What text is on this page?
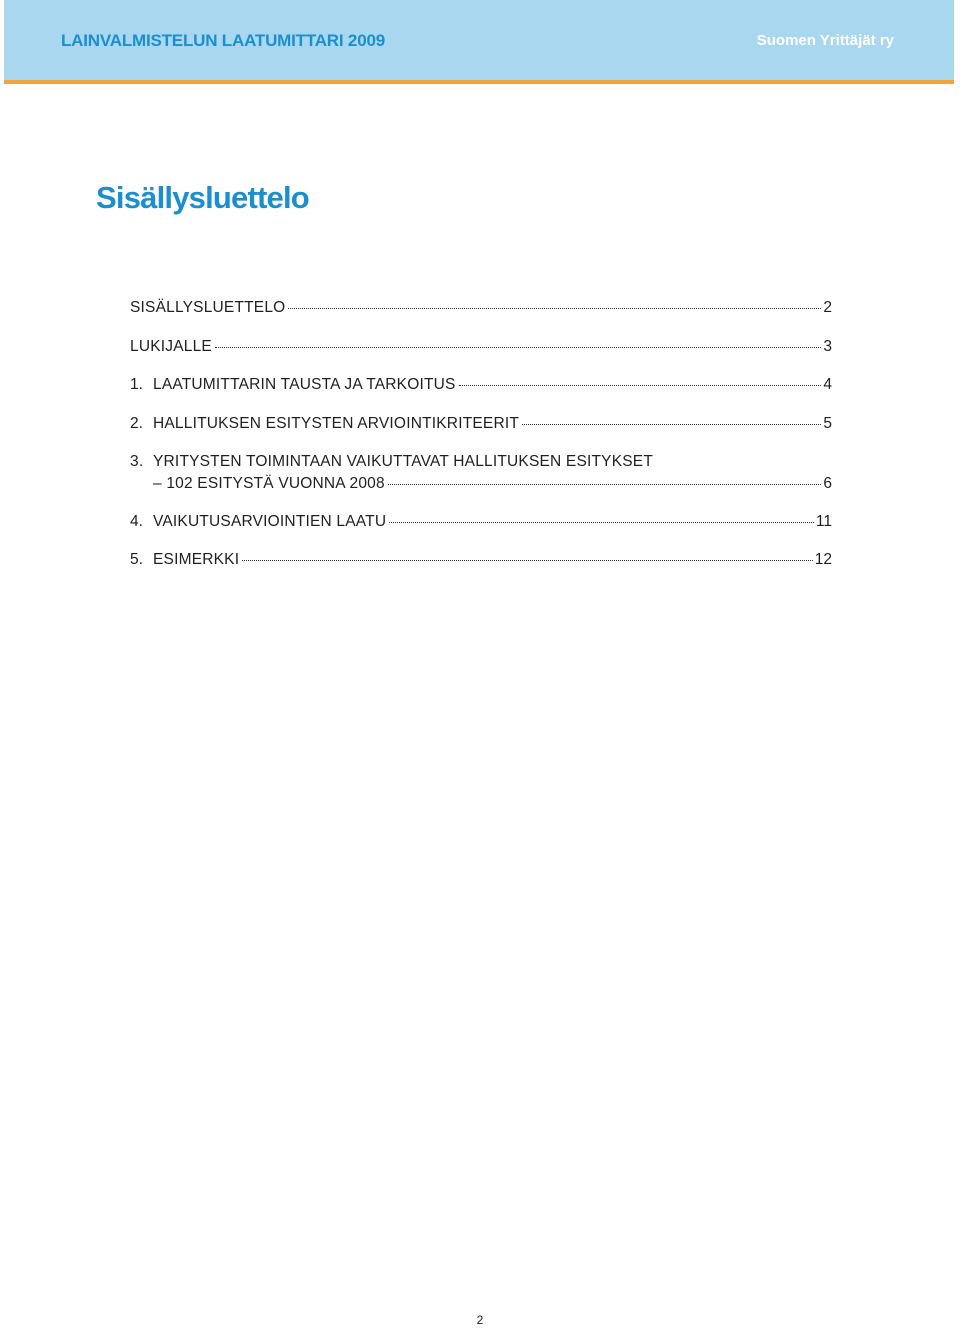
LAINVALMISTELUN LAATUMITTARI 2009	Suomen Yrittäjät ry
Sisällysluettelo
SISÄLLYSLUETTELO	2
LUKIJALLE	3
1. LAATUMITTARIN TAUSTA JA TARKOITUS	4
2. HALLITUKSEN ESITYSTEN ARVIOINTIKRITEERIT	5
3. YRITYSTEN TOIMINTAAN VAIKUTTAVAT HALLITUKSEN ESITYKSET
– 102 ESITYSTÄ VUONNA 2008	6
4. VAIKUTUSARVIOINTIEN LAATU	11
5. ESIMERKKI	12
2
